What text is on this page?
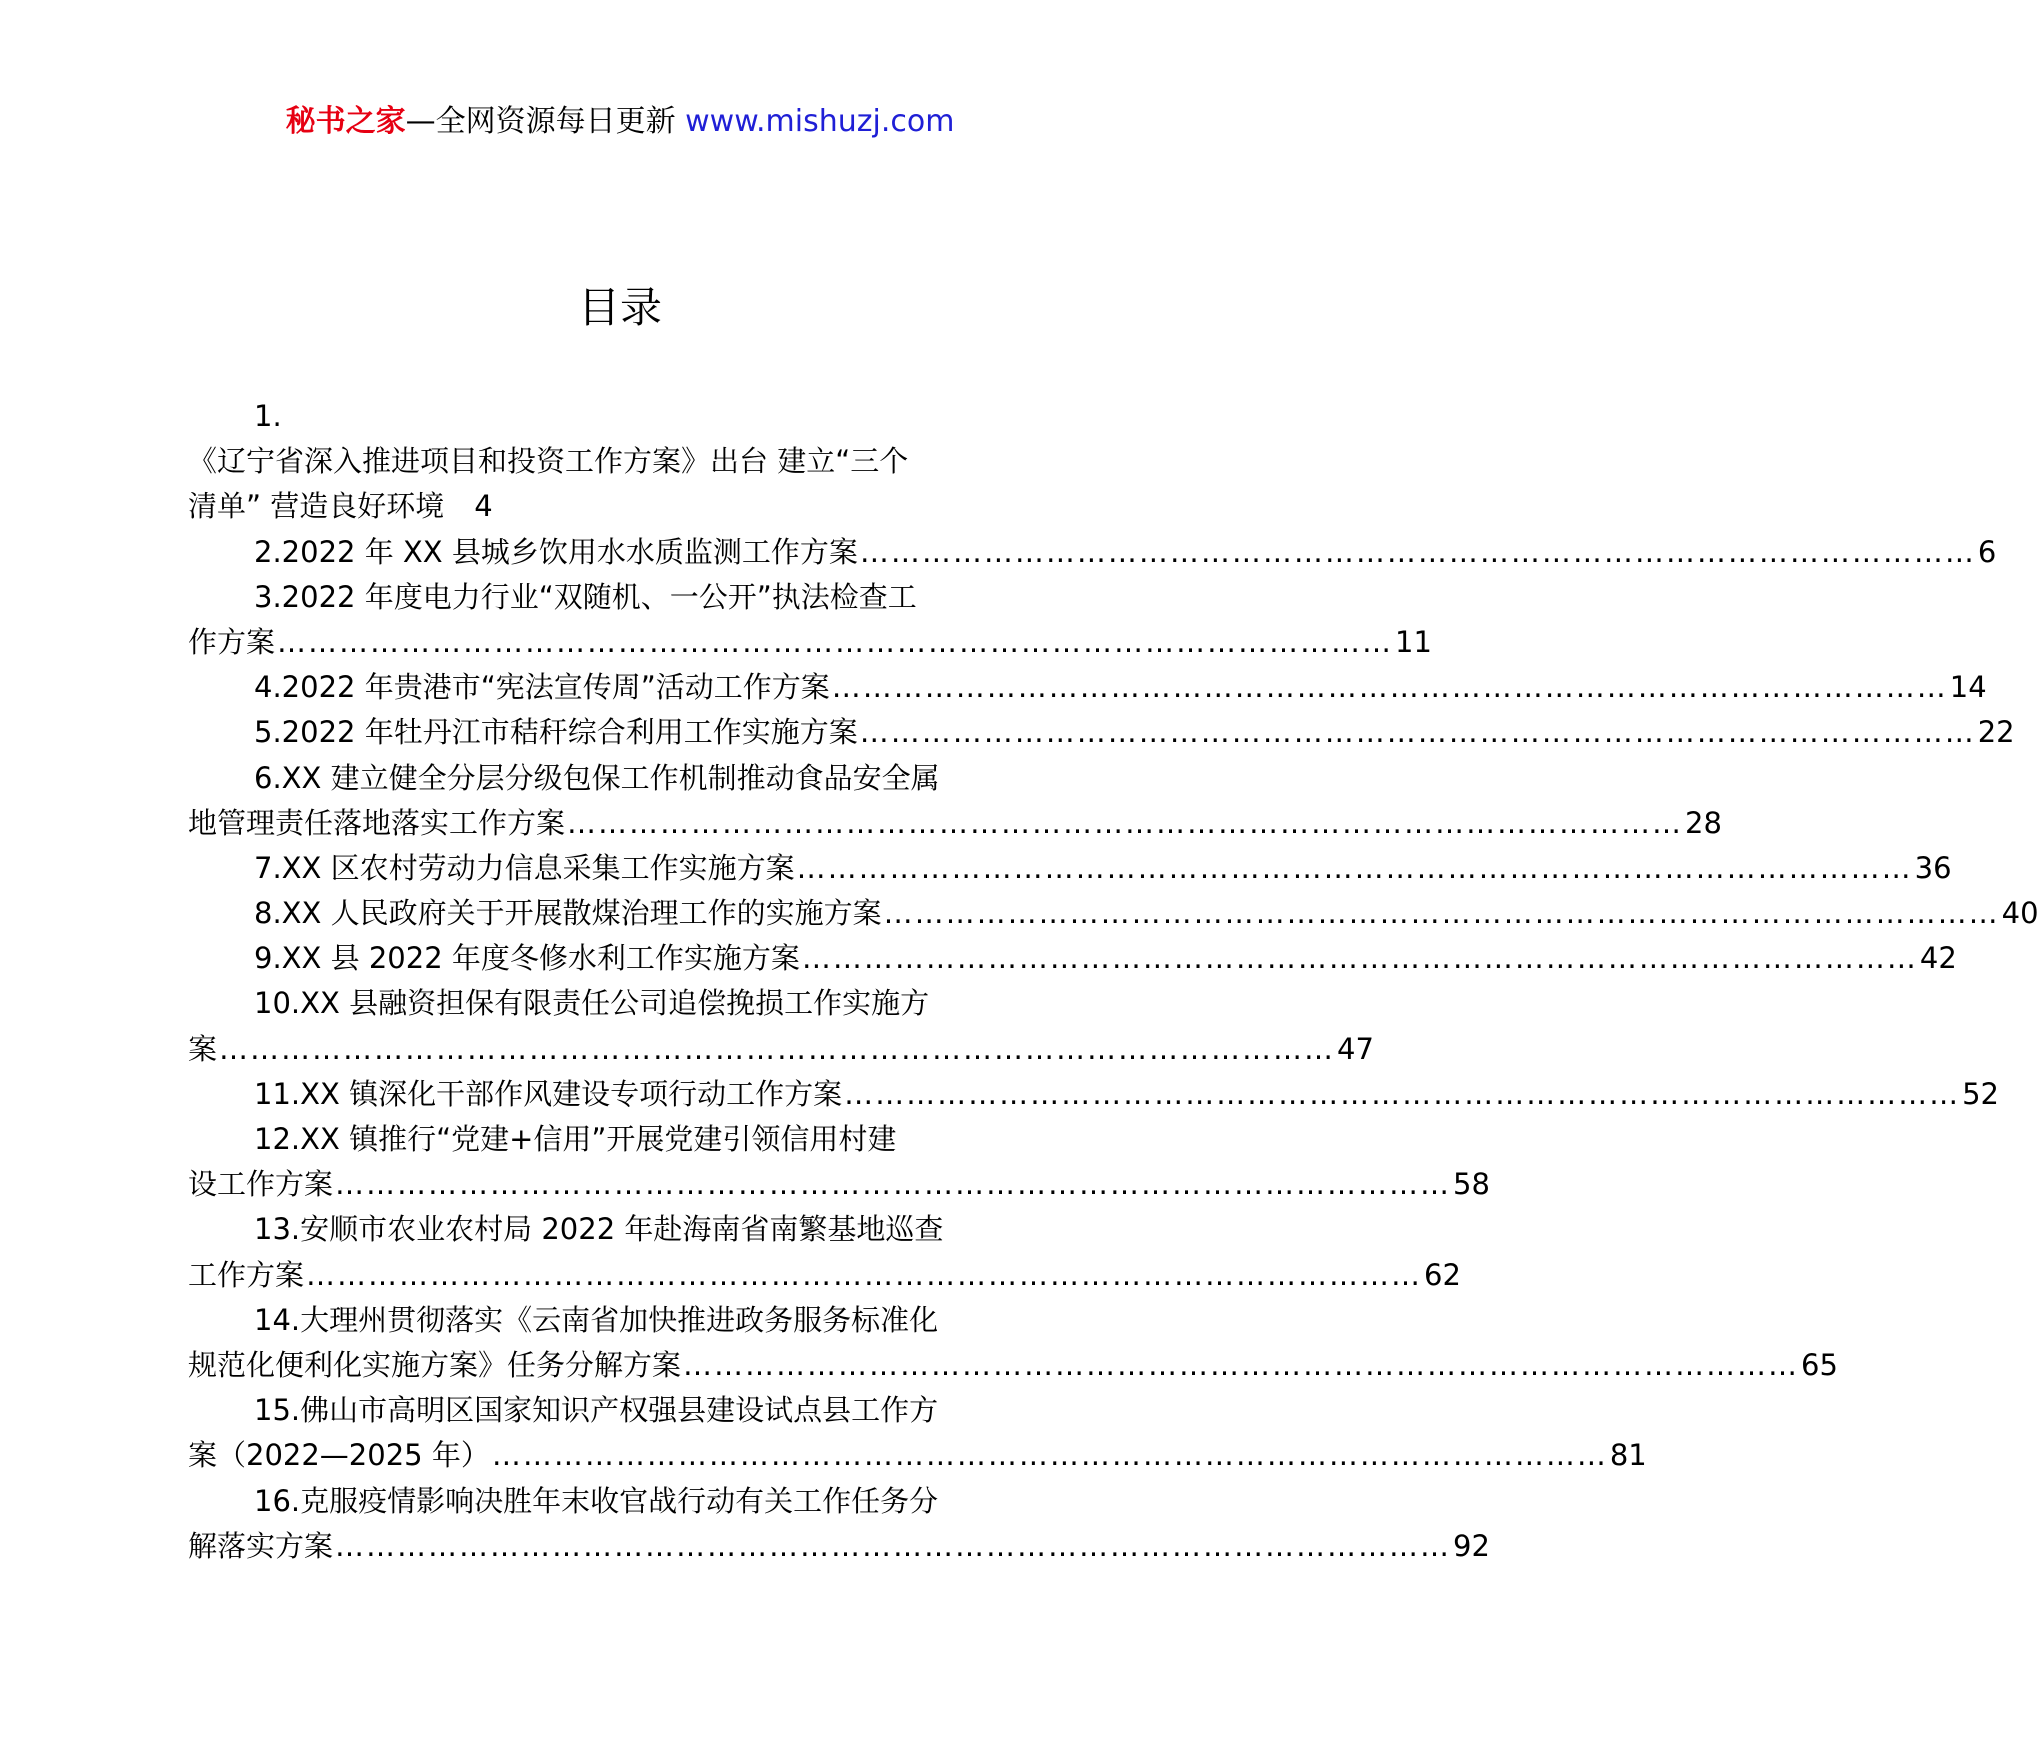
秘书之家—全网资源每日更新 www.mishuzj.com
目录
1.
《辽宁省深入推进项目和投资工作方案》出台 建立“三个
清单” 营造良好环境 4
2.2022 年 XX 县城乡饮用水水质监测工作方案 ……………………………………………………………………………………………… 6
3.2022 年度电力行业“双随机、一公开”执法检查工
作方案 ……………………………………………………………………………………………… 11
4.2022 年贵港市“宪法宣传周”活动工作方案 ……………………………………………………………………………………………… 14
5.2022 年牡丹江市秸秆综合利用工作实施方案 ……………………………………………………………………………………………… 22
6.XX 建立健全分层分级包保工作机制推动食品安全属
地管理责任落地落实工作方案 ……………………………………………………………………………………………… 28
7.XX 区农村劳动力信息采集工作实施方案 ……………………………………………………………………………………………… 36
8.XX 人民政府关于开展散煤治理工作的实施方案 ……………………………………………………………………………………………… 40
9.XX 县 2022 年度冬修水利工作实施方案 ……………………………………………………………………………………………… 42
10.XX 县融资担保有限责任公司追偿挽损工作实施方
案 ……………………………………………………………………………………………… 47
11.XX 镇深化干部作风建设专项行动工作方案 ……………………………………………………………………………………………… 52
12.XX 镇推行“党建+信用”开展党建引领信用村建
设工作方案 ……………………………………………………………………………………………… 58
13.安顺市农业农村局 2022 年赴海南省南繁基地巡查
工作方案 ……………………………………………………………………………………………… 62
14.大理州贯彻落实《云南省加快推进政务服务标准化
规范化便利化实施方案》任务分解方案 ……………………………………………………………………………………………… 65
15.佛山市高明区国家知识产权强县建设试点县工作方
案（2022—2025 年） ……………………………………………………………………………………………… 81
16.克服疫情影响决胜年末收官战行动有关工作任务分
解落实方案 ……………………………………………………………………………………………… 92
